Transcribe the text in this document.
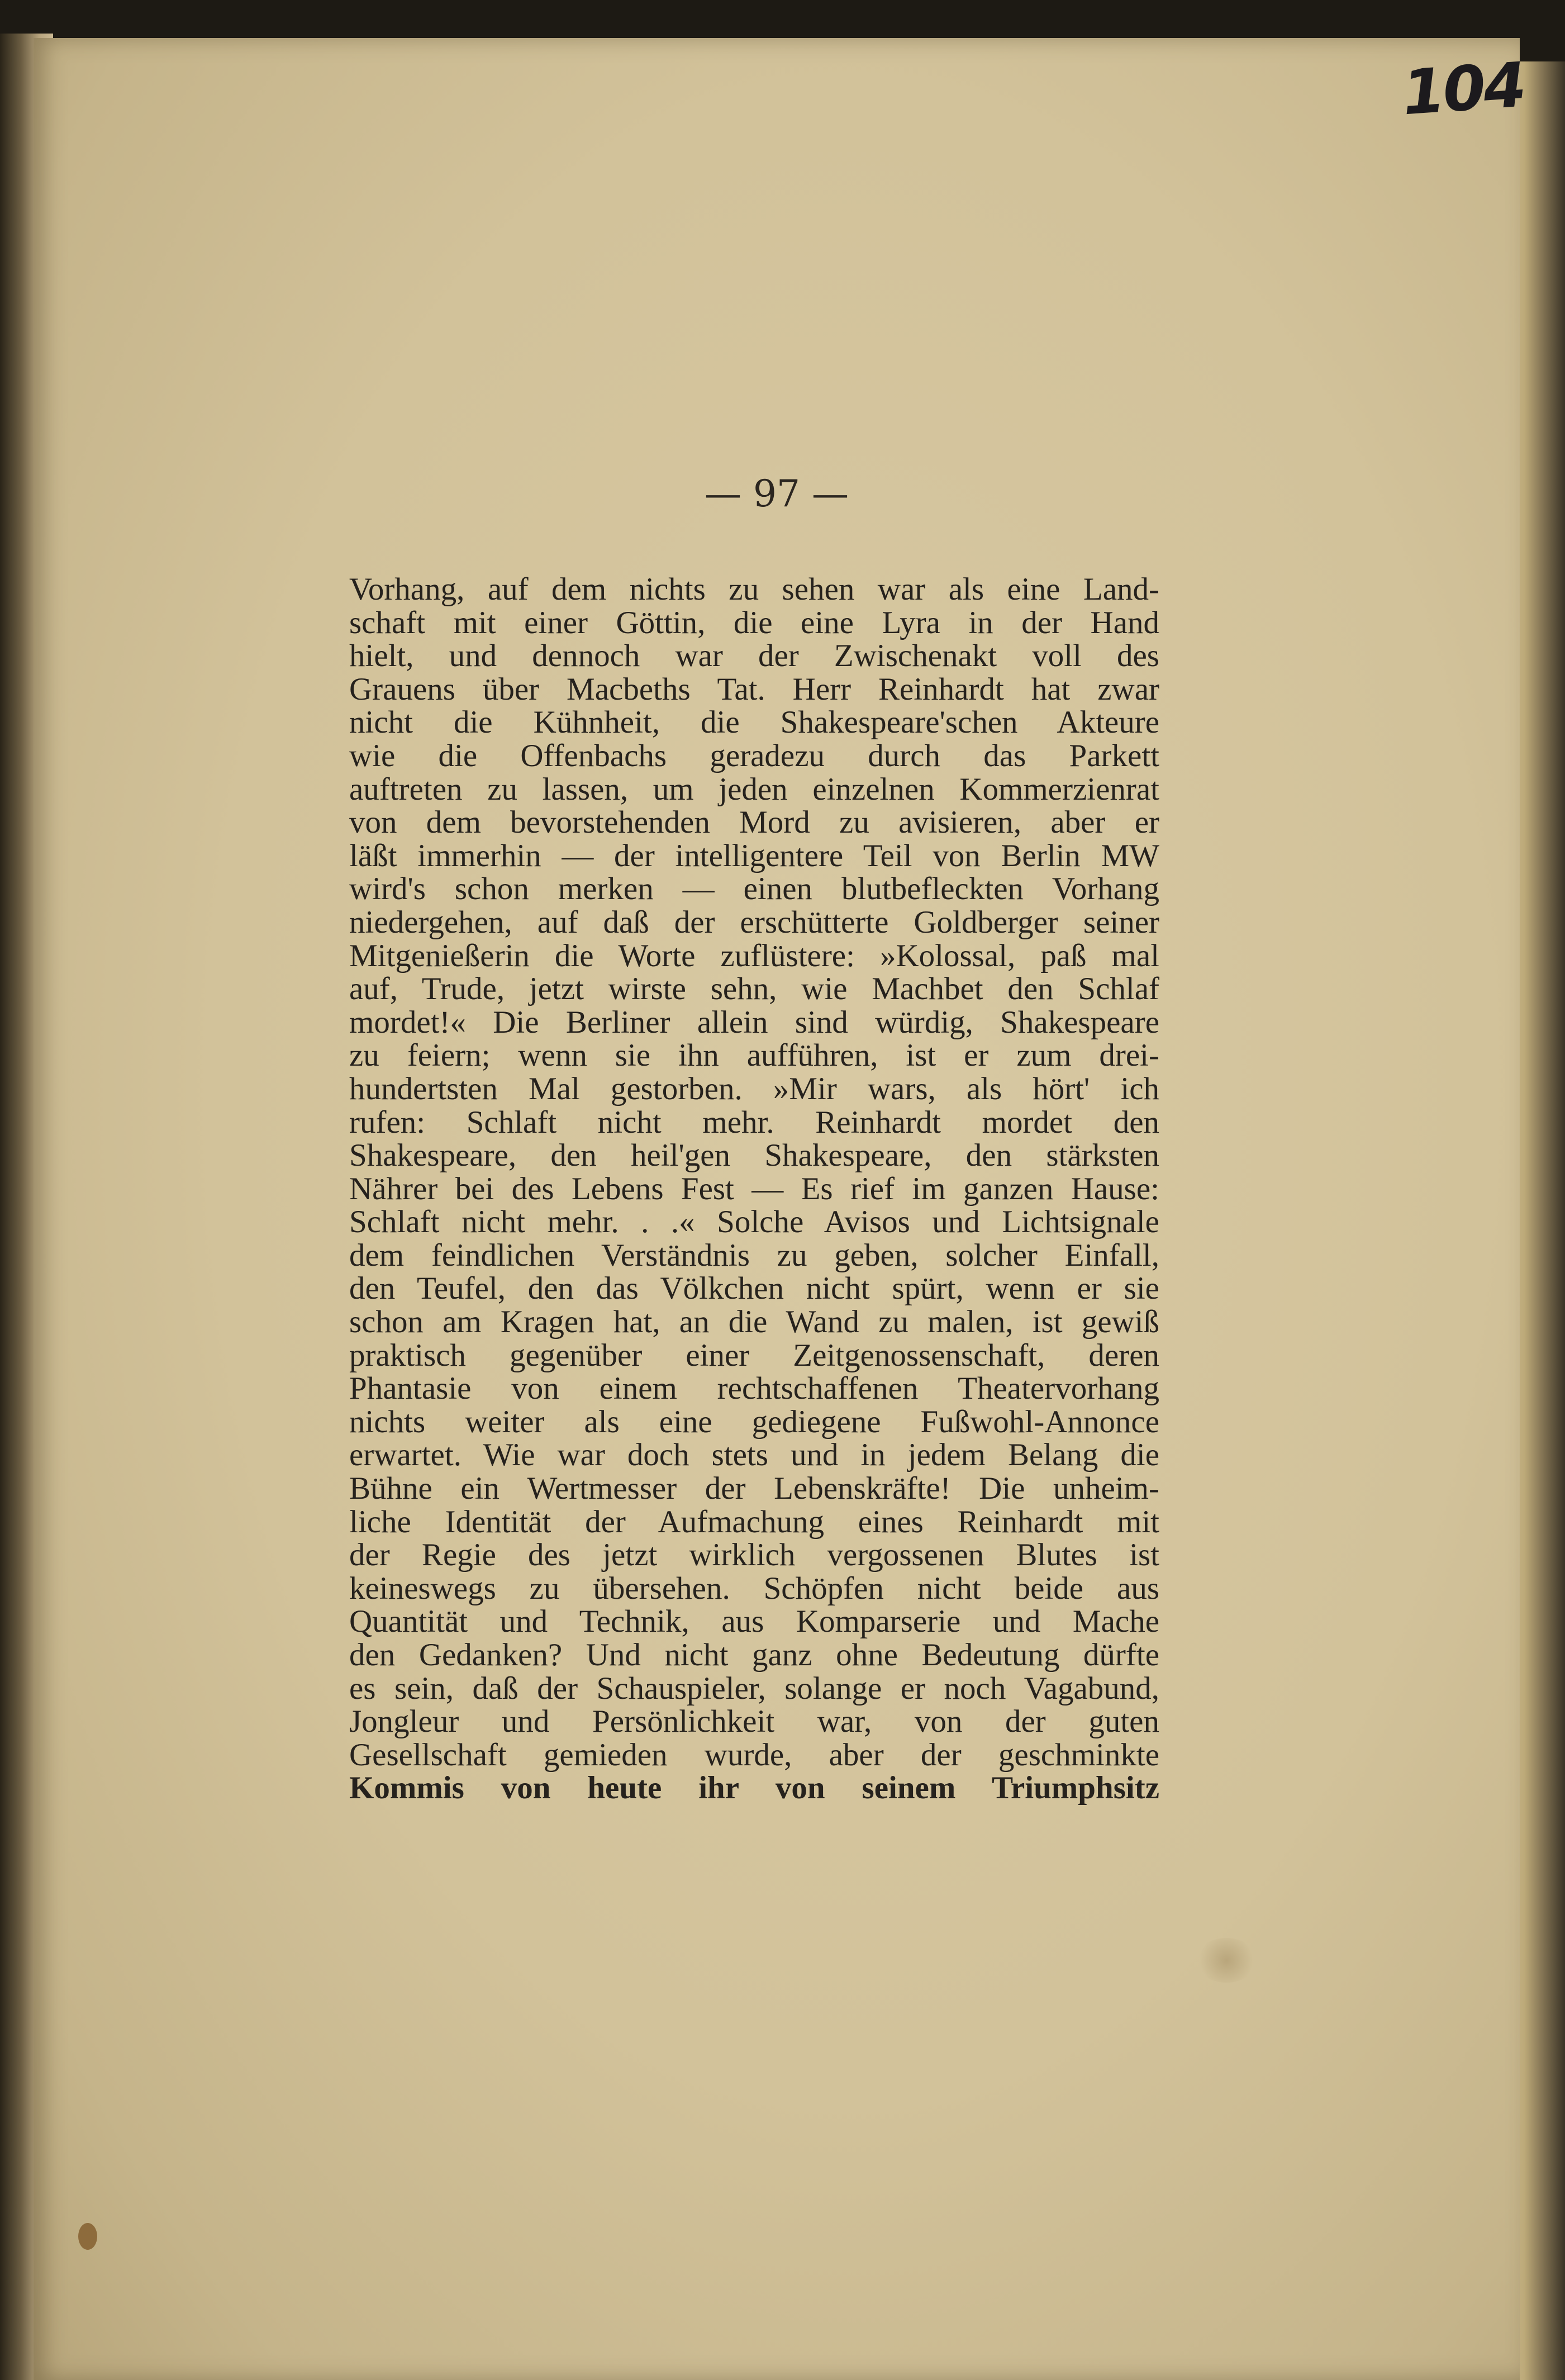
104
— 97 —
Vorhang, auf dem nichts zu sehen war als eine Land-
schaft mit einer Göttin, die eine Lyra in der Hand
hielt, und dennoch war der Zwischenakt voll des
Grauens über Macbeths Tat. Herr Reinhardt hat zwar
nicht die Kühnheit, die Shakespeare'schen Akteure
wie die Offenbachs geradezu durch das Parkett
auftreten zu lassen, um jeden einzelnen Kommerzienrat
von dem bevorstehenden Mord zu avisieren, aber er
läßt immerhin — der intelligentere Teil von Berlin MW
wird's schon merken — einen blutbefleckten Vorhang
niedergehen, auf daß der erschütterte Goldberger seiner
Mitgenießerin die Worte zuflüstere: »Kolossal, paß mal
auf, Trude, jetzt wirste sehn, wie Machbet den Schlaf
mordet!« Die Berliner allein sind würdig, Shakespeare
zu feiern; wenn sie ihn aufführen, ist er zum drei-
hundertsten Mal gestorben. »Mir wars, als hört' ich
rufen: Schlaft nicht mehr. Reinhardt mordet den
Shakespeare, den heil'gen Shakespeare, den stärksten
Nährer bei des Lebens Fest — Es rief im ganzen Hause:
Schlaft nicht mehr. . .« Solche Avisos und Lichtsignale
dem feindlichen Verständnis zu geben, solcher Einfall,
den Teufel, den das Völkchen nicht spürt, wenn er sie
schon am Kragen hat, an die Wand zu malen, ist gewiß
praktisch gegenüber einer Zeitgenossenschaft, deren
Phantasie von einem rechtschaffenen Theatervorhang
nichts weiter als eine gediegene Fußwohl-Annonce
erwartet. Wie war doch stets und in jedem Belang die
Bühne ein Wertmesser der Lebenskräfte! Die unheim-
liche Identität der Aufmachung eines Reinhardt mit
der Regie des jetzt wirklich vergossenen Blutes ist
keineswegs zu übersehen. Schöpfen nicht beide aus
Quantität und Technik, aus Komparserie und Mache
den Gedanken? Und nicht ganz ohne Bedeutung dürfte
es sein, daß der Schauspieler, solange er noch Vagabund,
Jongleur und Persönlichkeit war, von der guten
Gesellschaft gemieden wurde, aber der geschminkte
Kommis von heute ihr von seinem Triumphsitz
